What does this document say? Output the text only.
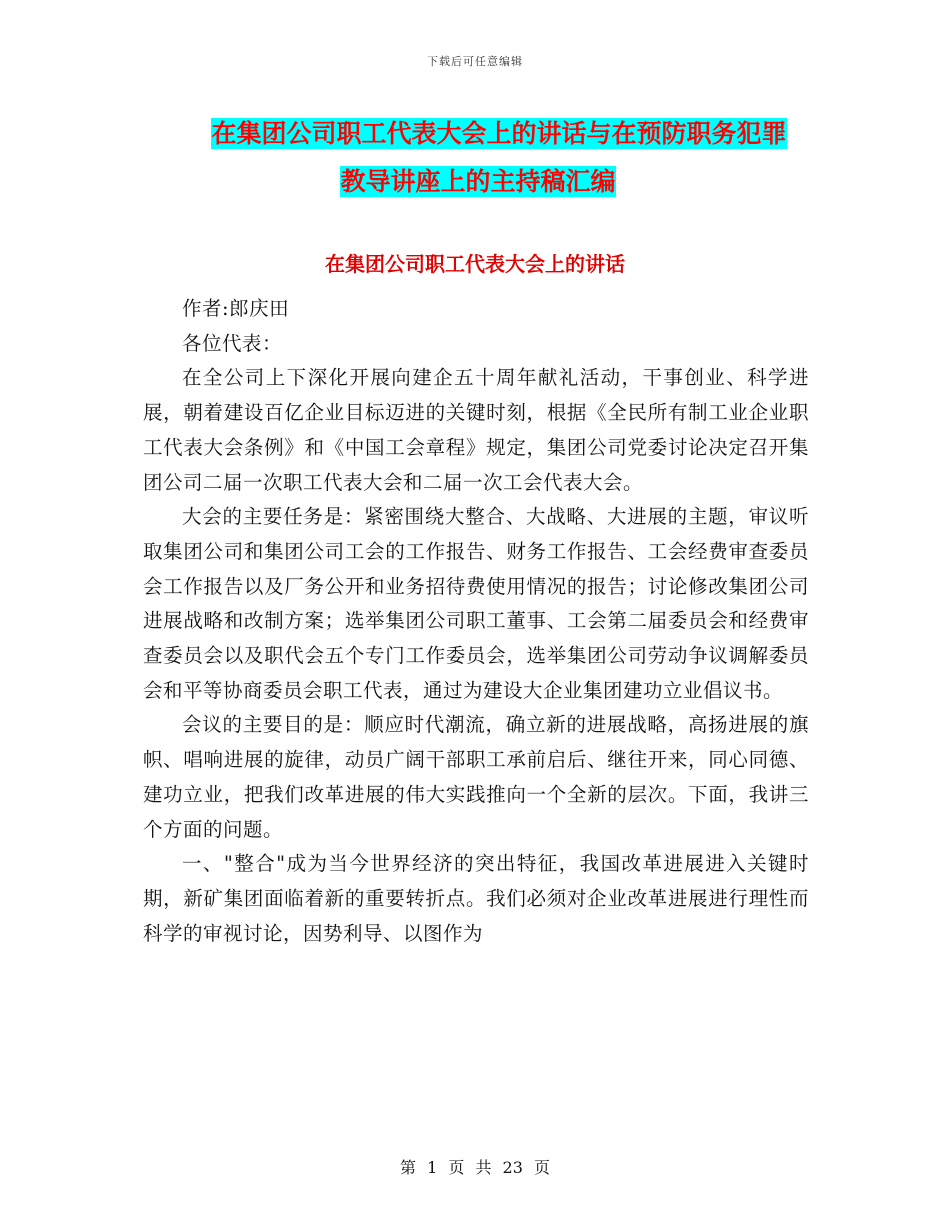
下载后可任意编辑
在集团公司职工代表大会上的讲话与在预防职务犯罪
教导讲座上的主持稿汇编
在集团公司职工代表大会上的讲话

作者:郎庆田

各位代表：

在全公司上下深化开展向建企五十周年献礼活动，干事创业、科学进展，朝着建设百亿企业目标迈进的关键时刻，根据《全民所有制工业企业职工代表大会条例》和《中国工会章程》规定，集团公司党委讨论决定召开集团公司二届一次职工代表大会和二届一次工会代表大会。

大会的主要任务是：紧密围绕大整合、大战略、大进展的主题，审议听取集团公司和集团公司工会的工作报告、财务工作报告、工会经费审查委员会工作报告以及厂务公开和业务招待费使用情况的报告；讨论修改集团公司进展战略和改制方案；选举集团公司职工董事、工会第二届委员会和经费审查委员会以及职代会五个专门工作委员会，选举集团公司劳动争议调解委员会和平等协商委员会职工代表，通过为建设大企业集团建功立业倡议书。

会议的主要目的是：顺应时代潮流，确立新的进展战略，高扬进展的旗帜、唱响进展的旋律，动员广阔干部职工承前启后、继往开来，同心同德、建功立业，把我们改革进展的伟大实践推向一个全新的层次。下面，我讲三个方面的问题。

一、"整合"成为当今世界经济的突出特征，我国改革进展进入关键时期，新矿集团面临着新的重要转折点。我们必须对企业改革进展进行理性而科学的审视讨论，因势利导、以图作为

第 1 页 共 23 页
